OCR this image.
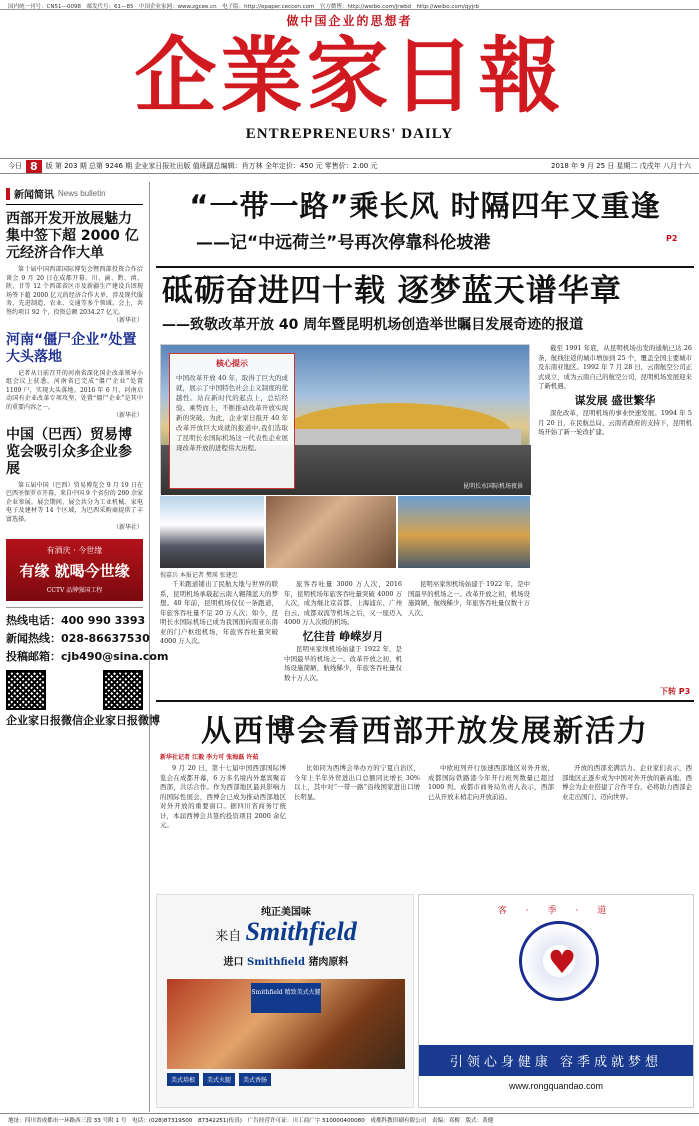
国内统一刊号：CN51—0098　邮发代号：61—85　中国企业家网：www.zgcee.cn　电子版：http://epaper.ceccen.com　官方微博：http://weibo.com/jrwbd　http://weibo.com/qyjrb
做中国企业的思想者
企業家日報
ENTREPRENEURS' DAILY
今日 8	版 第 203 期 总第 9246 期 企业家日报社出版 值班副总编辑：肖万林 全年定价：450 元 零售价：2.00 元	2018 年 9 月 25 日 星期二 戊戌年 八月十六
新闻简讯 News bulletin
西部开发开放展魅力 集中签下超 2000 亿元经济合作大单
第十届中国西部国际博览会暨西部投资合作洽谈会 9 月 20 日在成都开幕。川、渝、黔、滇、陕、甘等 12 个西部省区市及新疆生产建设兵团现场签下超 2000 亿元的经济合作大单，涉及现代服务、先进制造、农业、交通等多个领域。会上，共签约项目 92 个，投资总额 2034.27 亿元。
（新华社）
河南“僵尸企业”处置大头落地
记者从日前召开的河南省深化国企改革领导小组会议上获悉，河南省已完成“僵尸企业”处置 1109 户，实现大头落地。2016 年 6 月，河南启动国有企业改革专项攻坚，处置“僵尸企业”是其中的重要内容之一。
（新华社）
中国（巴西）贸易博览会吸引众多企业参展
第五届中国（巴西）贸易博览会 9 月 19 日在巴西圣保罗市开幕，来自中国 9 个省份的 200 余家企业参展。展会期间，展会共分为工业机械、家电电子及建材等 14 个区域，为巴西采购商提供了丰富选择。
（新华社）
有酒庆 · 今世缘
有缘 就喝今世缘
CCTV 品牌强国工程
热线电话：400 990 3393
新闻热线：028-86637530
投稿邮箱：cjb490@sina.com
企业家日报微信 企业家日报微博
“一带一路”乘长风 时隔四年又重逢
——记“中远荷兰”号再次停靠科伦坡港	P2
砥砺奋进四十载 逐梦蓝天谱华章
——致敬改革开放 40 周年暨昆明机场创造举世瞩目发展奇迹的报道
昆明长水国际机场夜景
核心提示
中国改革开放 40 年，取得了巨大的成就，展示了中国特色社会主义制度的优越性。站在新时代的起点上，总结经验、乘势而上，不断推动改革开放实现新的突破。为此，企业家日报开 40 年改革开放巨大成就的报道中,我们选取了昆明长水国际机场这一代表性企业展现改革开放的进程伟大历程。
倪嘉兵 本报记者 樊瑛 张建忠

千米跑道铺出了民航大地与世界的联系，昆明机场承载起云南人翱翔蓝天的梦想。40 年前，昆明机场仅仅一条跑道，年旅客吞吐量不足 20 万人次；如今，昆明长水国际机场已成为我国面向南亚东南亚的门户枢纽机场，年旅客吞吐量突破 4000 万人次。

旅客吞吐量 3000 万人次，2016 年，昆明机场年旅客吞吐量突破 4000 万人次，成为继北京首都、上海浦东、广州白云、成都双流等机场之后，又一座迈入 4000 万人次级的机场。

忆往昔 峥嵘岁月

昆明巫家坝机场始建于 1922 年，是中国最早的机场之一。改革开放之初，机场设施简陋，航线稀少，年旅客吞吐量仅数十万人次。

昆明巫家坝机场始建于 1922 年，是中国最早的机场之一。改革开放之初，机场设施简陋，航线稀少，年旅客吞吐量仅数十万人次。

截至 1991 年底，从昆明机场出发的通航已达 26 条，航线往返的城市增加到 25 个，覆盖全国主要城市及东南亚地区。1992 年 7 月 28 日，云南航空公司正式成立，成为云南自己的航空公司，昆明机场发展迎来了新机遇。

谋发展 盛世繁华

深化改革，昆明机场的事业快速发展。1994 年 5 月 20 日，在民航总局、云南省政府的支持下，昆明机场开始了新一轮改扩建。

下转 P3
从西博会看西部开放发展新活力
新华社记者 江毅 李力可 张海磊 许茹

9 月 20 日，第十七届中国西部国际博览会在成都开幕，6 万多名境内外嘉宾聚首西部，共话合作。作为西部地区最具影响力的国际性展会，西博会已成为推动西部地区对外开放的重要窗口。据四川省商务厅统计，本届西博会共签约投资项目 2000 余亿元。

比如同为西博会举办方的宁夏自治区，今年上半年外贸进出口总额同比增长 30% 以上，其中对“一带一路”沿线国家进出口增长明显。

中欧班列开行加速西部地区对外开放，成都国际铁路港今年开行班列数量已超过 1000 列。成都市商务局负责人表示，西部已从开放末梢走向开放前沿。

开放的西部充满活力。企业家们表示，西部地区正逐步成为中国对外开放的新高地，西博会为企业搭建了合作平台，必将助力西部企业走出国门、迈向世界。

纯正美国味
来自 Smithfield
进口 Smithfield 猪肉原料
Smithfield 精致美式火腿
美式培根	美式火腿	美式香肠
客 · 季 · 道
♥
引领心身健康 容季成就梦想
www.rongquandao.com
地址：四川省成都市一环路西三段 33 号附 1 号　电话：(028)87319500　87342251(传真)　广告经营许可证：川工商广字 510000400080　成都科教印刷有限公司　责编：邓梅　版式：黄健
